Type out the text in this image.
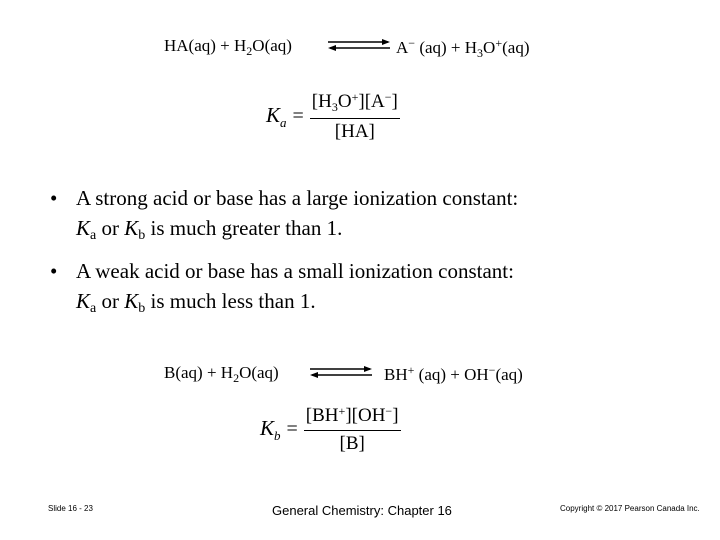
$HA(aq) + H_2O(aq)$	A− $(aq) + H_3O^+(aq)$
$K_a = \frac{[H_3O^+][A^-]}{[HA]}$
• A strong acid or base has a large ionization constant:
Ka or Kb is much greater than 1.
• A weak acid or base has a small ionization constant:
Ka or Kb is much less than 1.
$B(aq) + H_2O(aq)$	BH+ (aq) + OH−(aq)
$K_b = \frac{[BH^+][OH^-]}{[B]}$
Slide 16 - 23	General Chemistry: Chapter 16	Copyright © 2017 Pearson Canada Inc.
